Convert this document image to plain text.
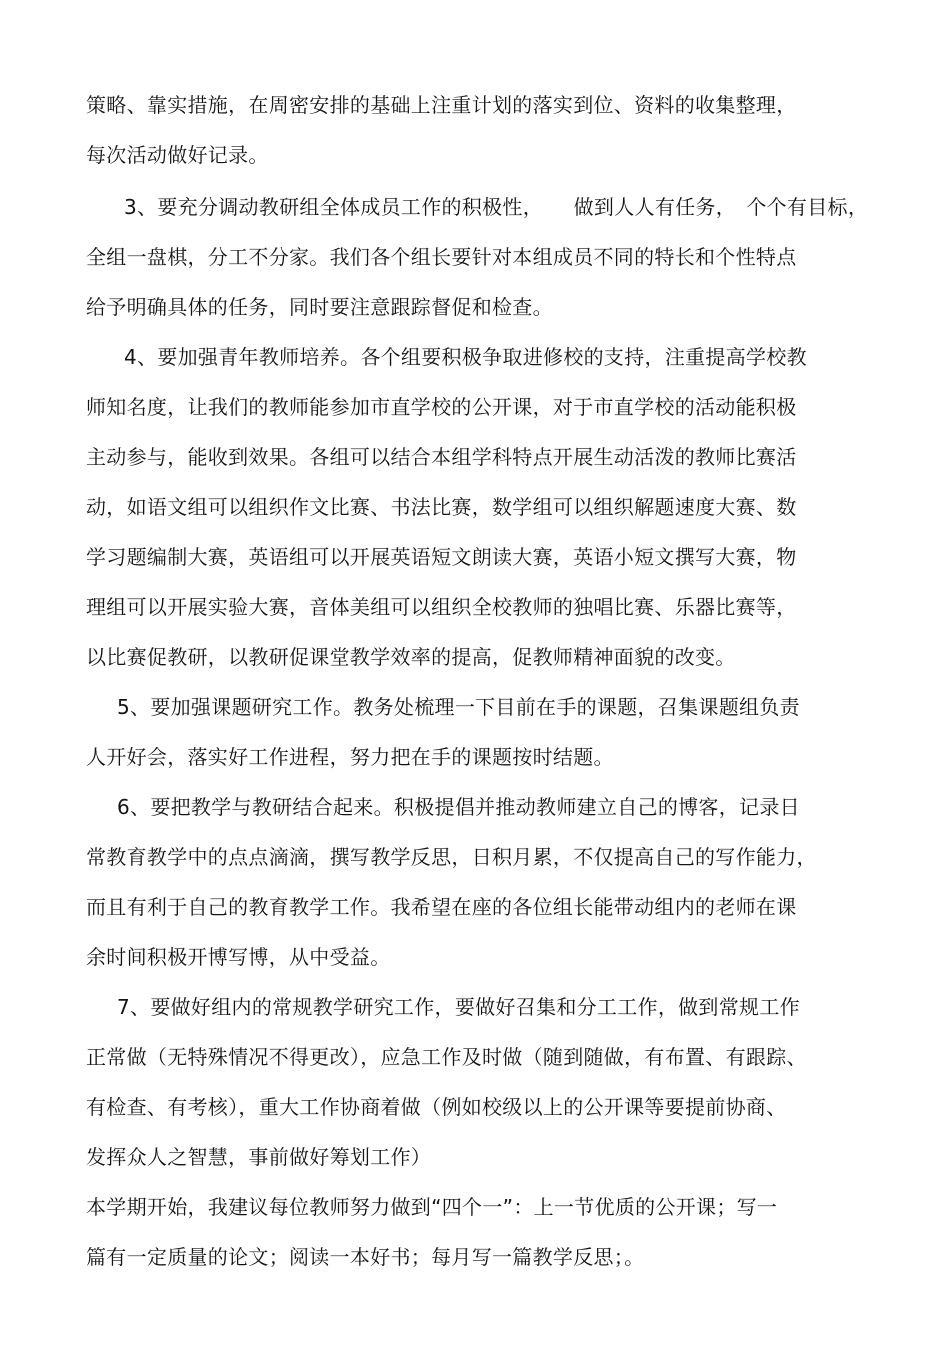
策略、靠实措施，在周密安排的基础上注重计划的落实到位、资料的收集整理，
每次活动做好记录。
3、要充分调动教研组全体成员工作的积极性，　　做到人人有任务，　个个有目标，
全组一盘棋，分工不分家。我们各个组长要针对本组成员不同的特长和个性特点
给予明确具体的任务，同时要注意跟踪督促和检查。
4、要加强青年教师培养。各个组要积极争取进修校的支持，注重提高学校教
师知名度，让我们的教师能参加市直学校的公开课，对于市直学校的活动能积极
主动参与，能收到效果。各组可以结合本组学科特点开展生动活泼的教师比赛活
动，如语文组可以组织作文比赛、书法比赛，数学组可以组织解题速度大赛、数
学习题编制大赛，英语组可以开展英语短文朗读大赛，英语小短文撰写大赛，物
理组可以开展实验大赛，音体美组可以组织全校教师的独唱比赛、乐器比赛等，
以比赛促教研，以教研促课堂教学效率的提高，促教师精神面貌的改变。
5、要加强课题研究工作。教务处梳理一下目前在手的课题，召集课题组负责
人开好会，落实好工作进程，努力把在手的课题按时结题。
6、要把教学与教研结合起来。积极提倡并推动教师建立自己的博客，记录日
常教育教学中的点点滴滴，撰写教学反思，日积月累，不仅提高自己的写作能力，
而且有利于自己的教育教学工作。我希望在座的各位组长能带动组内的老师在课
余时间积极开博写博，从中受益。
7、要做好组内的常规教学研究工作，要做好召集和分工工作，做到常规工作
正常做（无特殊情况不得更改），应急工作及时做（随到随做，有布置、有跟踪、
有检查、有考核），重大工作协商着做（例如校级以上的公开课等要提前协商、
发挥众人之智慧，事前做好筹划工作）
本学期开始，我建议每位教师努力做到“四个一”：上一节优质的公开课；写一
篇有一定质量的论文；阅读一本好书；每月写一篇教学反思；。
